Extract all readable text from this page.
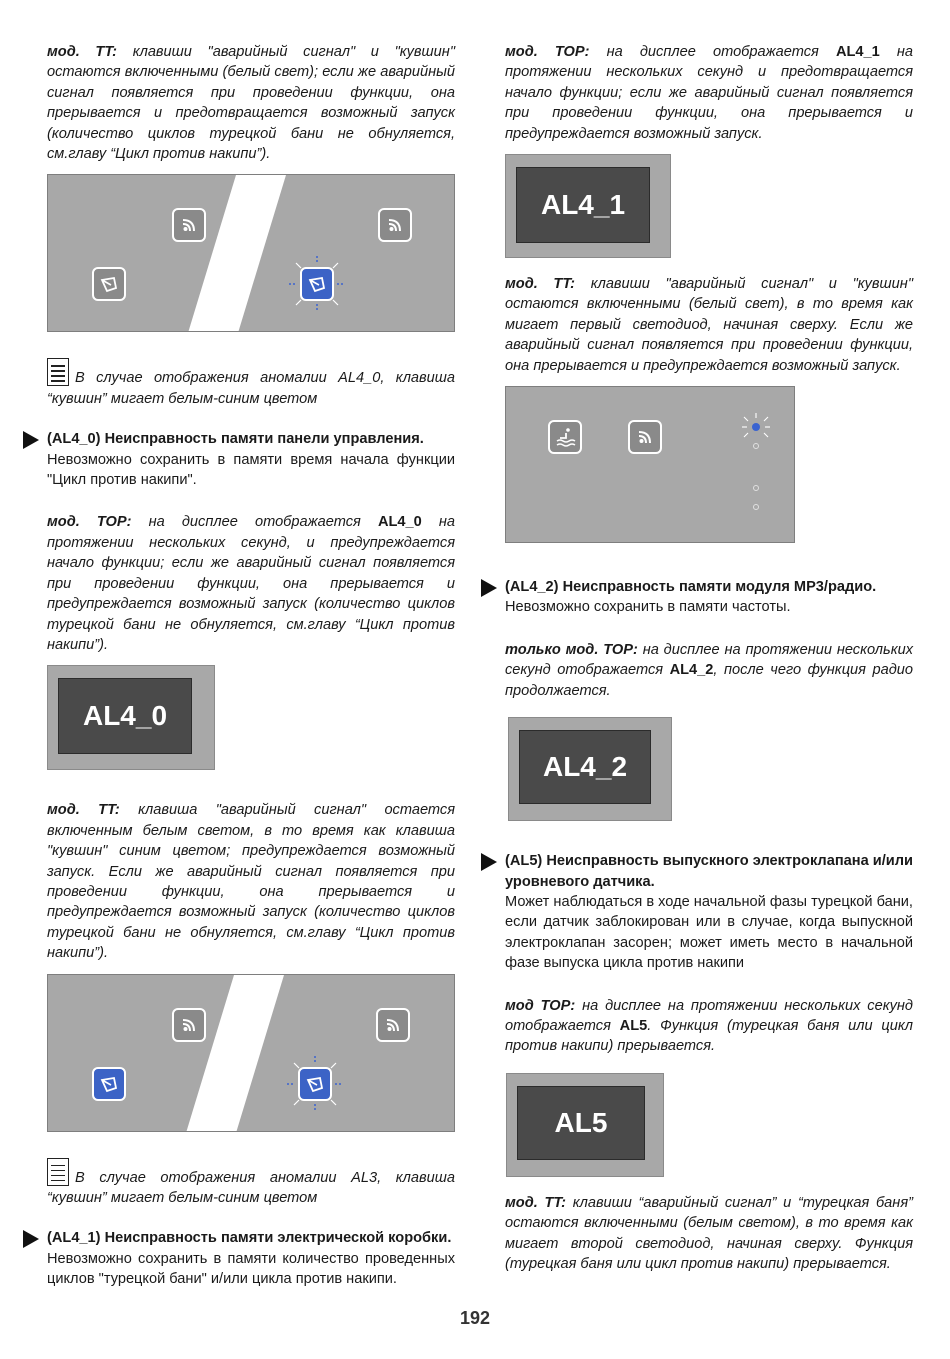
мод. TT: клавиши "аварийный сигнал" и "кувшин" остаются включенными (белый свет); если же аварийный сигнал появляется при проведении функции, она прерывается и предотвращается возможный запуск (количество циклов турецкой бани не обнуляется, см.главу “Цикл против накипи”).

В случае отображения аномалии AL4_0, клавиша “кувшин” мигает белым-синим цветом

(AL4_0) Неисправность памяти панели управления.

Невозможно сохранить в памяти время начала функции "Цикл против накипи".

мод. TOP: на дисплее отображается AL4_0 на протяжении нескольких секунд, и предупреждается начало функции; если же аварийный сигнал появляется при проведении функции, она прерывается и предупреждается возможный запуск (количество циклов турецкой бани не обнуляется, см.главу “Цикл против накипи”).

AL4_0

мод. TT: клавиша "аварийный сигнал" остается включенным белым светом, в то время как клавиша "кувшин" синим цветом; предупреждается возможный запуск. Если же аварийный сигнал появляется при проведении функции, она прерывается и предупреждается возможный запуск (количество циклов турецкой бани не обнуляется, см.главу “Цикл против накипи”).

В случае отображения аномалии AL3, клавиша “кувшин” мигает белым-синим цветом

(AL4_1) Неисправность памяти электрической коробки.

Невозможно сохранить в памяти количество проведенных циклов "турецкой бани" и/или цикла против накипи.

мод. TOP: на дисплее отображается AL4_1 на протяжении нескольких секунд и предотвращается начало функции; если же аварийный сигнал появляется при проведении функции, она прерывается и предупреждается возможный запуск.

AL4_1

мод. TT: клавиши "аварийный сигнал" и "кувшин" остаются включенными (белый свет), в то время как мигает первый светодиод, начиная сверху. Если же аварийный сигнал появляется при проведении функции, она прерывается и предупреждается возможный запуск.

(AL4_2) Неисправность памяти модуля MP3/радио.

Невозможно сохранить в памяти частоты.

только мод. TOP: на дисплее на протяжении нескольких секунд отображается AL4_2, после чего функция радио продолжается.

AL4_2

(AL5) Неисправность выпускного электроклапана и/или уровневого датчика.

Может наблюдаться в ходе начальной фазы турецкой бани, если датчик заблокирован или в случае, когда выпускной электроклапан засорен; может иметь место в начальной фазе выпуска цикла против накипи

мод TOP: на дисплее на протяжении нескольких секунд отображается AL5. Функция (турецкая баня или цикл против накипи) прерывается.

AL5

мод. TT: клавиши “аварийный сигнал” и “турецкая баня” остаются включенными (белым светом), в то время как мигает второй светодиод, начиная сверху. Функция (турецкая баня или цикл против накипи) прерывается.

192
